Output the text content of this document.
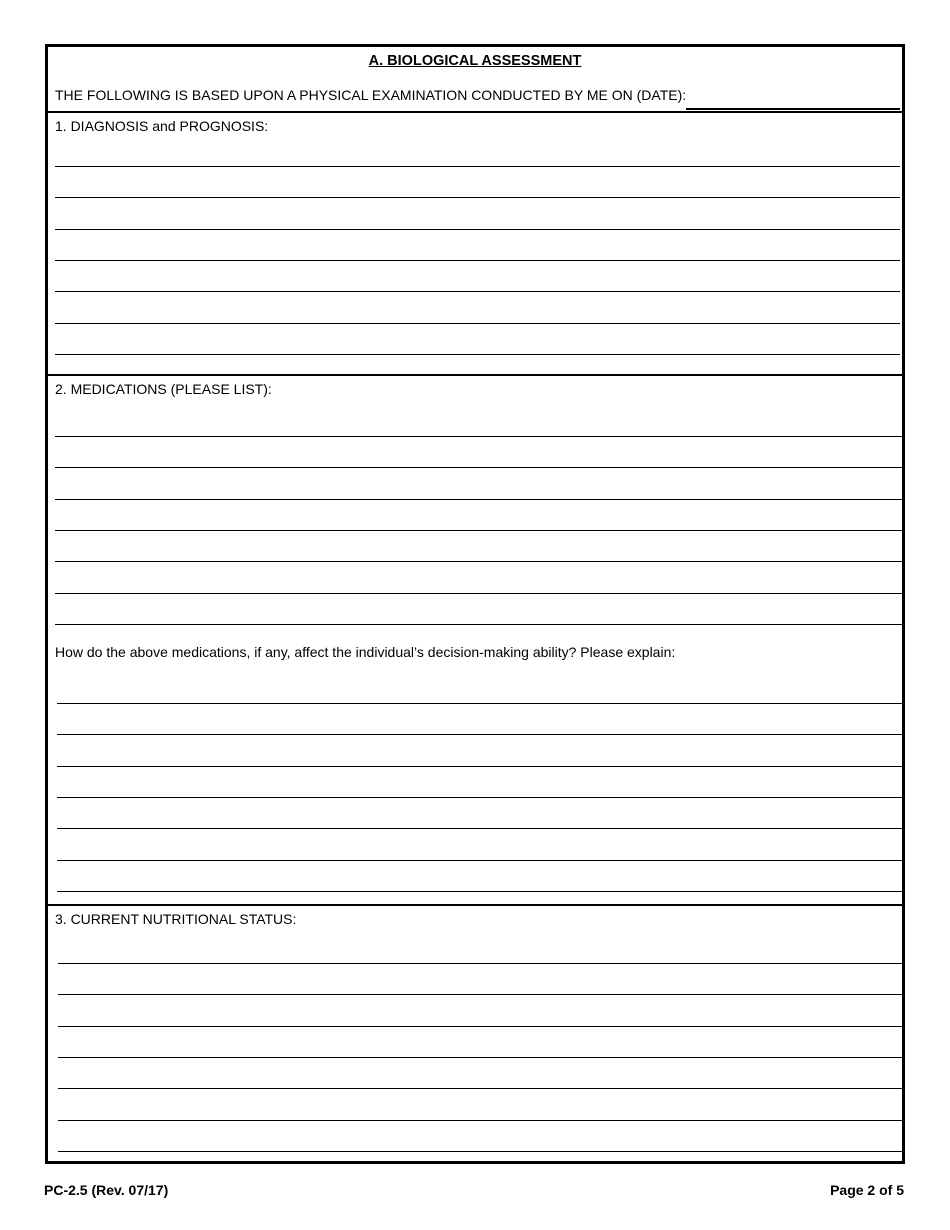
A. BIOLOGICAL ASSESSMENT
THE FOLLOWING IS BASED UPON A PHYSICAL EXAMINATION CONDUCTED BY ME ON (DATE):
1. DIAGNOSIS and PROGNOSIS:
2. MEDICATIONS (PLEASE LIST):
How do the above medications, if any, affect the individual’s decision-making ability? Please explain:
3. CURRENT NUTRITIONAL STATUS:
PC-2.5 (Rev. 07/17)	Page 2 of 5
